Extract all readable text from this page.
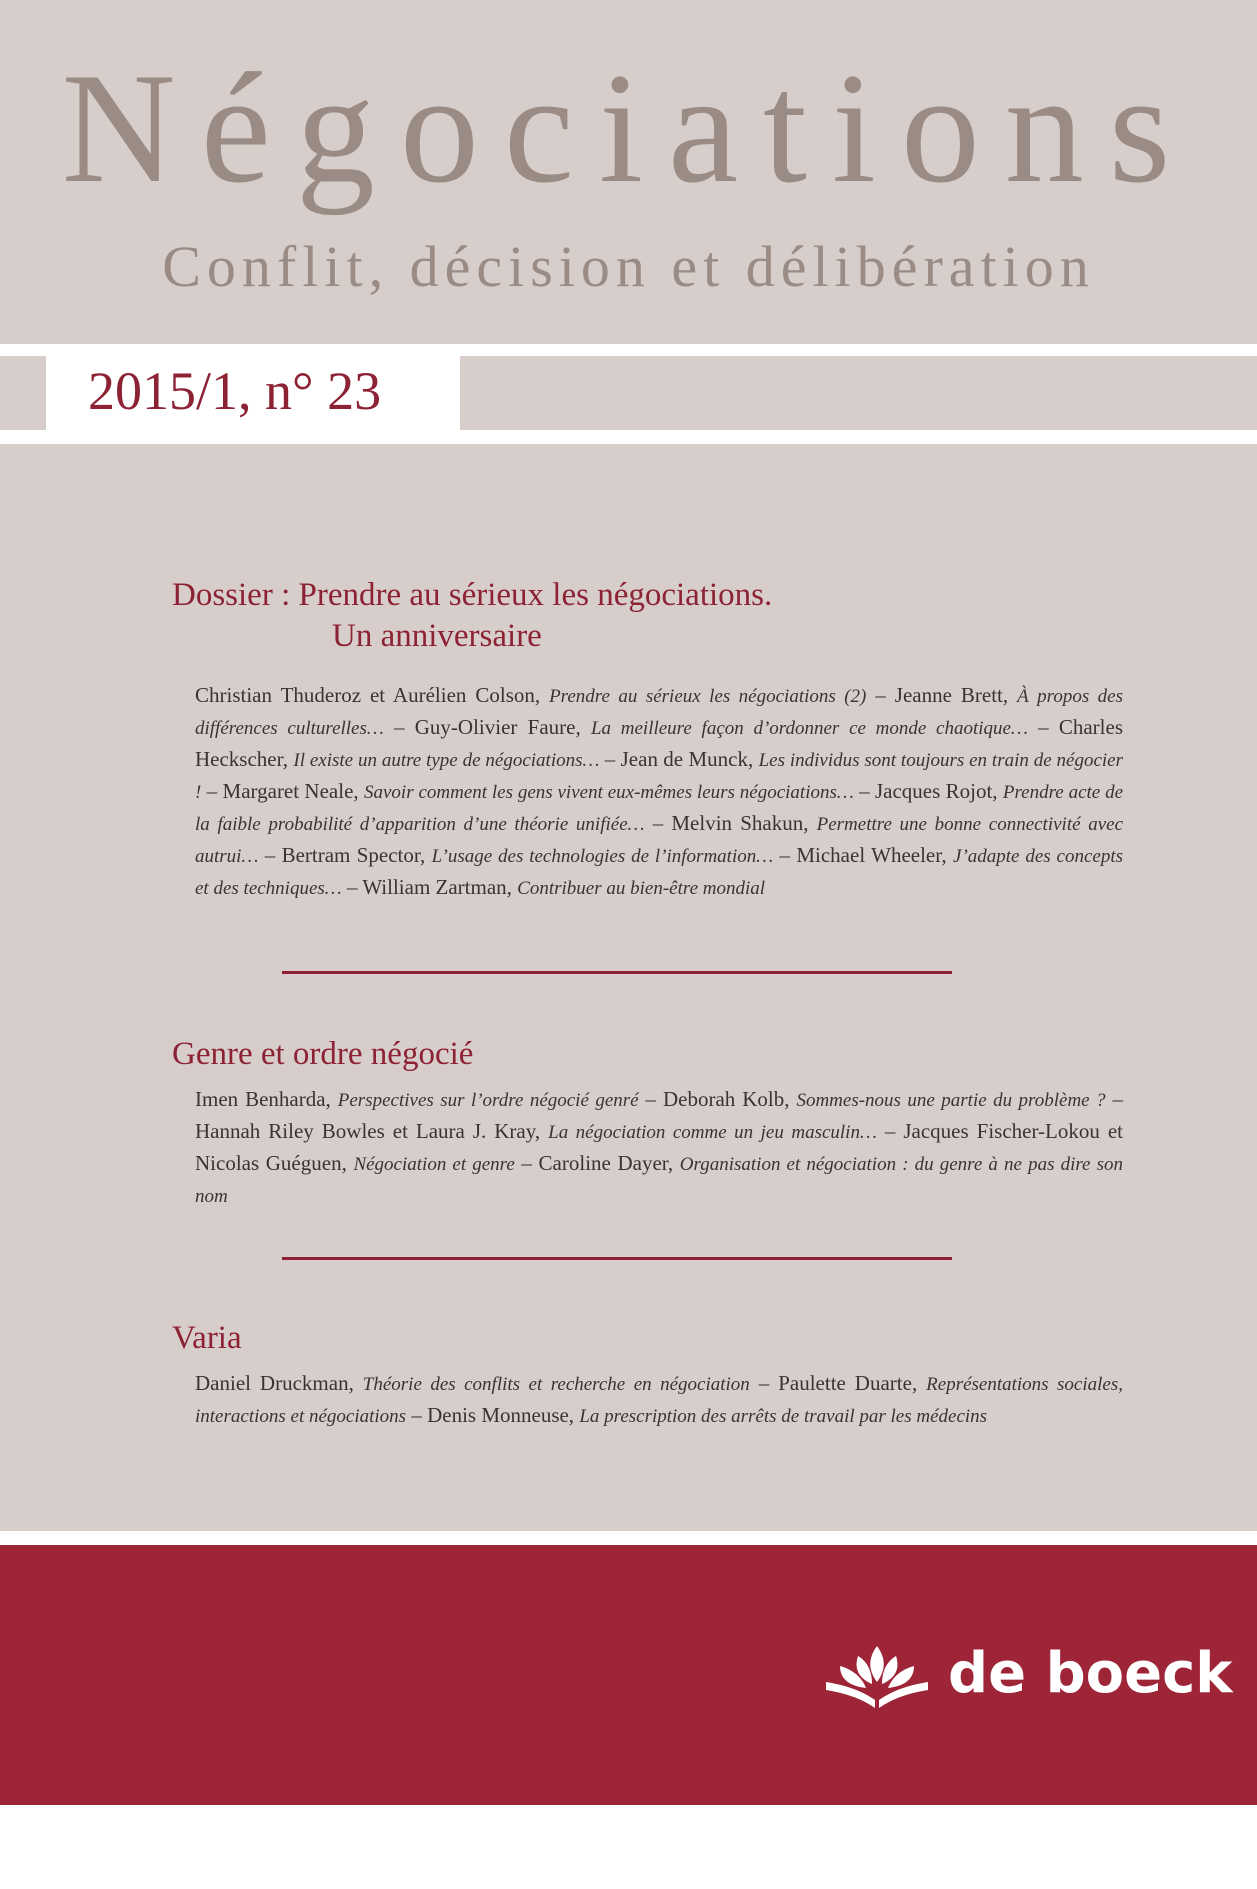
Négociations
Conflit, décision et délibération
2015/1, n° 23
Dossier : Prendre au sérieux les négociations.
Un anniversaire

Christian Thuderoz et Aurélien Colson, Prendre au sérieux les négociations (2) – Jeanne Brett, À propos des différences culturelles… – Guy-Olivier Faure, La meilleure façon d’ordonner ce monde chaotique… – Charles Heckscher, Il existe un autre type de négociations… – Jean de Munck, Les individus sont toujours en train de négocier ! – Margaret Neale, Savoir comment les gens vivent eux-mêmes leurs négociations… – Jacques Rojot, Prendre acte de la faible probabilité d’apparition d’une théorie unifiée… – Melvin Shakun, Permettre une bonne connectivité avec autrui… – Bertram Spector, L’usage des technologies de l’information… – Michael Wheeler, J’adapte des concepts et des techniques… – William Zartman, Contribuer au bien-être mondial

Genre et ordre négocié

Imen Benharda, Perspectives sur l’ordre négocié genré – Deborah Kolb, Sommes-nous une partie du problème ? – Hannah Riley Bowles et Laura J. Kray, La négociation comme un jeu masculin… – Jacques Fischer-Lokou et Nicolas Guéguen, Négociation et genre – Caroline Dayer, Organisation et négociation : du genre à ne pas dire son nom

Varia

Daniel Druckman, Théorie des conflits et recherche en négociation – Paulette Duarte, Représentations sociales, interactions et négociations – Denis Monneuse, La prescription des arrêts de travail par les médecins

de boeck
